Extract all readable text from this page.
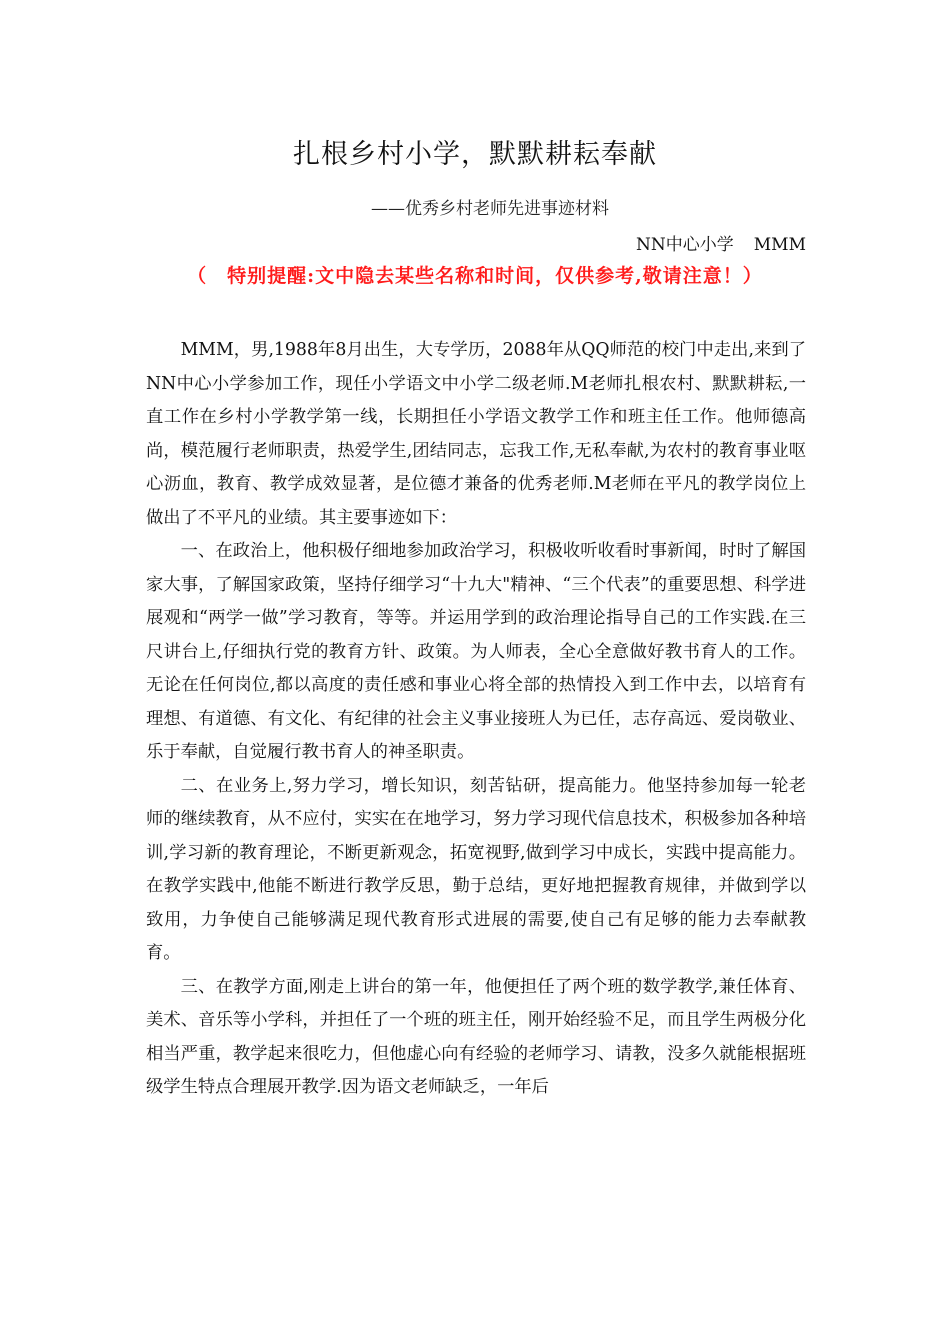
扎根乡村小学，默默耕耘奉献
——优秀乡村老师先进事迹材料
NN中心小学 MMM
（　特别提醒:文中隐去某些名称和时间，仅供参考,敬请注意！）

MMM，男,1988年8月出生，大专学历，2088年从QQ师范的校门中走出,来到了NN中心小学参加工作，现任小学语文中小学二级老师.M老师扎根农村、默默耕耘,一直工作在乡村小学教学第一线，长期担任小学语文教学工作和班主任工作。他师德高尚，模范履行老师职责，热爱学生,团结同志，忘我工作,无私奉献,为农村的教育事业呕心沥血，教育、教学成效显著，是位德才兼备的优秀老师.M老师在平凡的教学岗位上做出了不平凡的业绩。其主要事迹如下：

一、在政治上，他积极仔细地参加政治学习，积极收听收看时事新闻，时时了解国家大事，了解国家政策，坚持仔细学习“十九大"精神、“三个代表”的重要思想、科学进展观和“两学一做”学习教育，等等。并运用学到的政治理论指导自己的工作实践.在三尺讲台上,仔细执行党的教育方针、政策。为人师表，全心全意做好教书育人的工作。无论在任何岗位,都以高度的责任感和事业心将全部的热情投入到工作中去，以培育有理想、有道德、有文化、有纪律的社会主义事业接班人为已任，志存高远、爱岗敬业、乐于奉献，自觉履行教书育人的神圣职责。

二、在业务上,努力学习，增长知识，刻苦钻研，提高能力。他坚持参加每一轮老师的继续教育，从不应付，实实在在地学习，努力学习现代信息技术，积极参加各种培训,学习新的教育理论，不断更新观念，拓宽视野,做到学习中成长，实践中提高能力。在教学实践中,他能不断进行教学反思，勤于总结，更好地把握教育规律，并做到学以致用，力争使自己能够满足现代教育形式进展的需要,使自己有足够的能力去奉献教育。

三、在教学方面,刚走上讲台的第一年，他便担任了两个班的数学教学,兼任体育、美术、音乐等小学科，并担任了一个班的班主任，刚开始经验不足，而且学生两极分化相当严重，教学起来很吃力，但他虚心向有经验的老师学习、请教，没多久就能根据班级学生特点合理展开教学.因为语文老师缺乏，一年后
